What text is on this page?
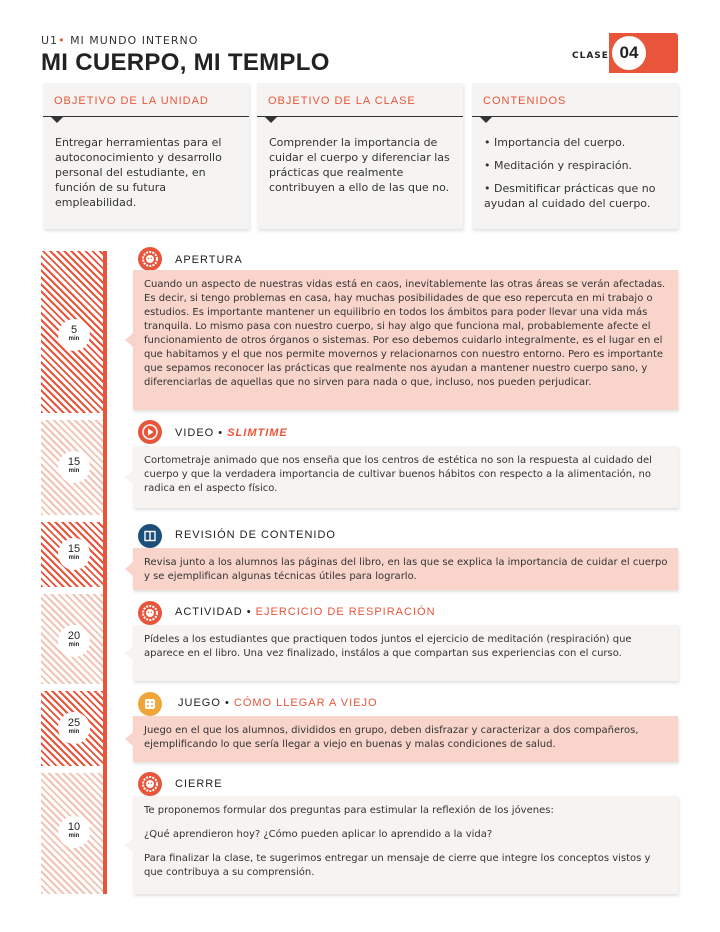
U1• MI MUNDO INTERNO
MI CUERPO, MI TEMPLO	CLASE 04
OBJETIVO DE LA UNIDAD
Entregar herramientas para el autoconocimiento y desarrollo personal del estudiante, en función de su futura empleabilidad.
OBJETIVO DE LA CLASE
Comprender la importancia de cuidar el cuerpo y diferenciar las prácticas que realmente contribuyen a ello de las que no.
CONTENIDOS
• Importancia del cuerpo.
• Meditación y respiración.
• Desmitificar prácticas que no ayudan al cuidado del cuerpo.
5
min
15
min
15
min
20
min
25
min
10
min
APERTURA
VIDEO • SLIMTIME
REVISIÓN DE CONTENIDO
ACTIVIDAD • EJERCICIO DE RESPIRACIÓN
JUEGO • CÓMO LLEGAR A VIEJO
CIERRE

Cuando un aspecto de nuestras vidas está en caos, inevitablemente las otras áreas se verán afectadas. Es decir, si tengo problemas en casa, hay muchas posibilidades de que eso repercuta en mi trabajo o estudios. Es importante mantener un equilibrio en todos los ámbitos para poder llevar una vida más tranquila. Lo mismo pasa con nuestro cuerpo, si hay algo que funciona mal, probablemente afecte el funcionamiento de otros órganos o sistemas. Por eso debemos cuidarlo integralmente, es el lugar en el que habitamos y el que nos permite movernos y relacionarnos con nuestro entorno. Pero es importante que sepamos reconocer las prácticas que realmente nos ayudan a mantener nuestro cuerpo sano, y diferenciarlas de aquellas que no sirven para nada o que, incluso, nos pueden perjudicar.

Cortometraje animado que nos enseña que los centros de estética no son la respuesta al cuidado del cuerpo y que la verdadera importancia de cultivar buenos hábitos con respecto a la alimentación, no radica en el aspecto físico.

Revisa junto a los alumnos las páginas del libro, en las que se explica la importancia de cuidar el cuerpo y se ejemplifican algunas técnicas útiles para lograrlo.

Pídeles a los estudiantes que practiquen todos juntos el ejercicio de meditación (respiración) que aparece en el libro. Una vez finalizado, instálos a que compartan sus experiencias con el curso.

Juego en el que los alumnos, divididos en grupo, deben disfrazar y caracterizar a dos compañeros, ejemplificando lo que sería llegar a viejo en buenas y malas condiciones de salud.

Te proponemos formular dos preguntas para estimular la reflexión de los jóvenes:

¿Qué aprendieron hoy? ¿Cómo pueden aplicar lo aprendido a la vida?

Para finalizar la clase, te sugerimos entregar un mensaje de cierre que integre los conceptos vistos y que contribuya a su comprensión.
